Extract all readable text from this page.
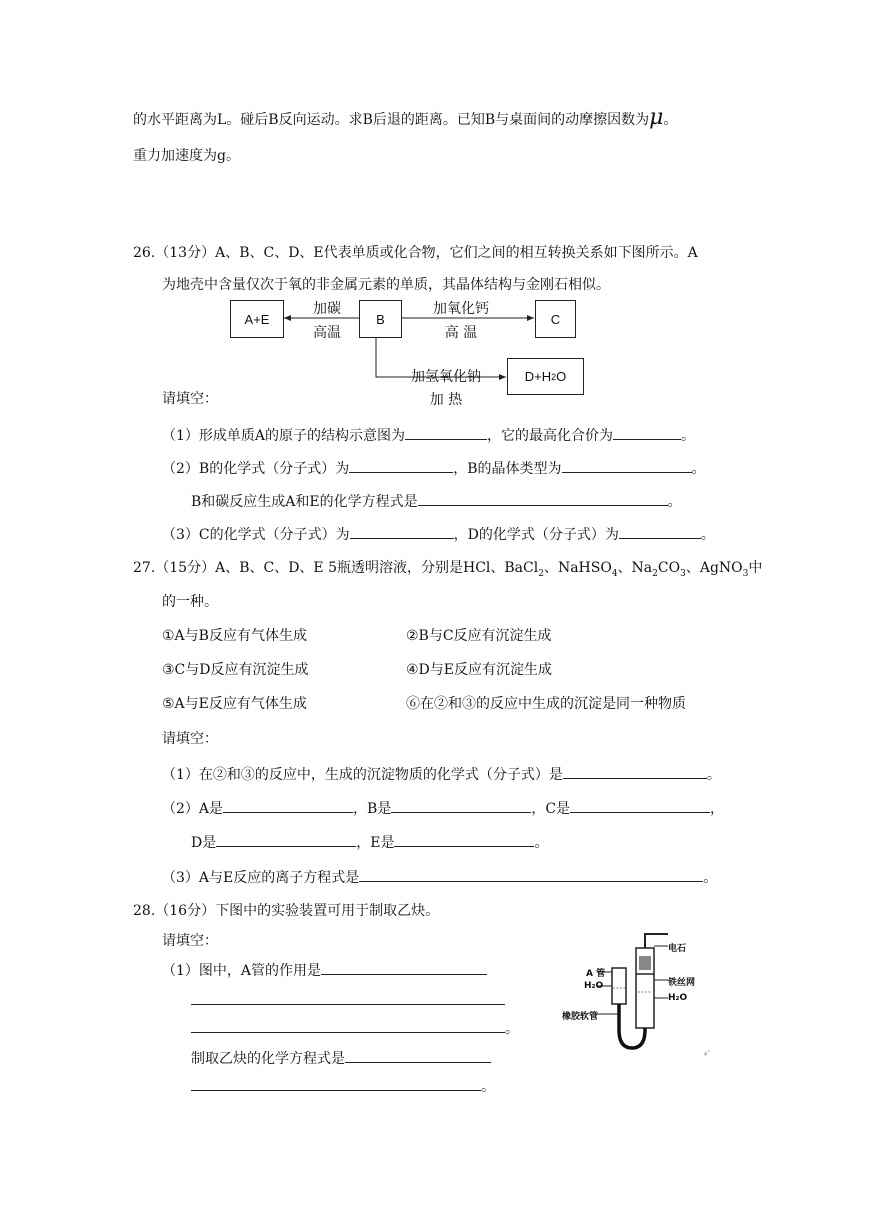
的水平距离为L。碰后B反向运动。求B后退的距离。已知B与桌面间的动摩擦因数为μ。
重力加速度为g。
26.（13分）A、B、C、D、E代表单质或化合物，它们之间的相互转换关系如下图所示。A
为地壳中含量仅次于氧的非金属元素的单质，其晶体结构与金刚石相似。
A+E	B	C
D+H 2 O
加碳
高温
加氧化钙
高 温
加氢氧化钠
加 热
请填空：
（1）形成单质A的原子的结构示意图为	，它的最高化合价为	。
（2）B的化学式（分子式）为	，B的晶体类型为	。
B和碳反应生成A和E的化学方程式是	。
（3）C的化学式（分子式）为	，D的化学式（分子式）为	。
27.（15分）A、B、C、D、E 5瓶透明溶液，分别是HCl、BaCl$_2$、NaHSO$_4$、$Na_2CO_3$、AgNO$_3$中
的一种。
①A与B反应有气体生成	②B与C反应有沉淀生成
③C与D反应有沉淀生成	④D与E反应有沉淀生成
⑤A与E反应有气体生成	⑥在②和③的反应中生成的沉淀是同一种物质
请填空：
（1）在②和③的反应中，生成的沉淀物质的化学式（分子式）是	。
（2）A是	，B是	，C是	，
D是	，E是	。
（3）A与E反应的离子方程式是	。
28.（16分）下图中的实验装置可用于制取乙炔。
请填空：
（1）图中，A管的作用是
。
制取乙炔的化学方程式是
。
ء'
A 管
H₂O
橡胶软管
电石
铁丝网
H₂O
